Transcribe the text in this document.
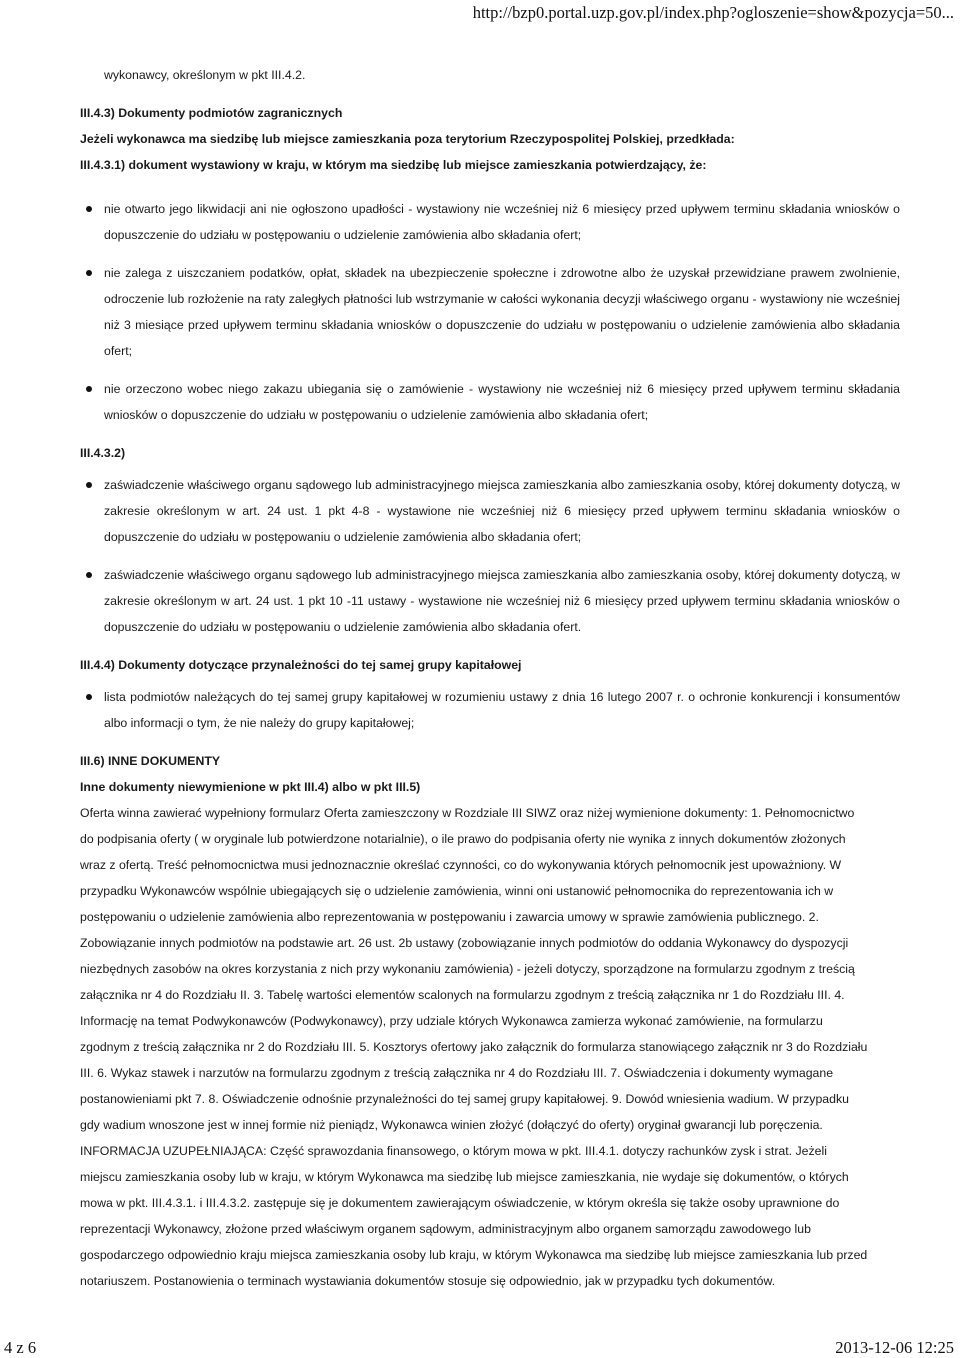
http://bzp0.portal.uzp.gov.pl/index.php?ogloszenie=show&pozycja=50...
wykonawcy, określonym w pkt III.4.2.
III.4.3) Dokumenty podmiotów zagranicznych
Jeżeli wykonawca ma siedzibę lub miejsce zamieszkania poza terytorium Rzeczypospolitej Polskiej, przedkłada:
III.4.3.1) dokument wystawiony w kraju, w którym ma siedzibę lub miejsce zamieszkania potwierdzający, że:
nie otwarto jego likwidacji ani nie ogłoszono upadłości - wystawiony nie wcześniej niż 6 miesięcy przed upływem terminu składania wniosków o dopuszczenie do udziału w postępowaniu o udzielenie zamówienia albo składania ofert;
nie zalega z uiszczaniem podatków, opłat, składek na ubezpieczenie społeczne i zdrowotne albo że uzyskał przewidziane prawem zwolnienie, odroczenie lub rozłożenie na raty zaległych płatności lub wstrzymanie w całości wykonania decyzji właściwego organu - wystawiony nie wcześniej niż 3 miesiące przed upływem terminu składania wniosków o dopuszczenie do udziału w postępowaniu o udzielenie zamówienia albo składania ofert;
nie orzeczono wobec niego zakazu ubiegania się o zamówienie - wystawiony nie wcześniej niż 6 miesięcy przed upływem terminu składania wniosków o dopuszczenie do udziału w postępowaniu o udzielenie zamówienia albo składania ofert;
III.4.3.2)
zaświadczenie właściwego organu sądowego lub administracyjnego miejsca zamieszkania albo zamieszkania osoby, której dokumenty dotyczą, w zakresie określonym w art. 24 ust. 1 pkt 4-8 - wystawione nie wcześniej niż 6 miesięcy przed upływem terminu składania wniosków o dopuszczenie do udziału w postępowaniu o udzielenie zamówienia albo składania ofert;
zaświadczenie właściwego organu sądowego lub administracyjnego miejsca zamieszkania albo zamieszkania osoby, której dokumenty dotyczą, w zakresie określonym w art. 24 ust. 1 pkt 10 -11 ustawy - wystawione nie wcześniej niż 6 miesięcy przed upływem terminu składania wniosków o dopuszczenie do udziału w postępowaniu o udzielenie zamówienia albo składania ofert.
III.4.4) Dokumenty dotyczące przynależności do tej samej grupy kapitałowej
lista podmiotów należących do tej samej grupy kapitałowej w rozumieniu ustawy z dnia 16 lutego 2007 r. o ochronie konkurencji i konsumentów albo informacji o tym, że nie należy do grupy kapitałowej;
III.6) INNE DOKUMENTY
Inne dokumenty niewymienione w pkt III.4) albo w pkt III.5)
Oferta winna zawierać wypełniony formularz Oferta zamieszczony w Rozdziale III SIWZ oraz niżej wymienione dokumenty: 1. Pełnomocnictwo
do podpisania oferty ( w oryginale lub potwierdzone notarialnie), o ile prawo do podpisania oferty nie wynika z innych dokumentów złożonych
wraz z ofertą. Treść pełnomocnictwa musi jednoznacznie określać czynności, co do wykonywania których pełnomocnik jest upoważniony. W
przypadku Wykonawców wspólnie ubiegających się o udzielenie zamówienia, winni oni ustanowić pełnomocnika do reprezentowania ich w
postępowaniu o udzielenie zamówienia albo reprezentowania w postępowaniu i zawarcia umowy w sprawie zamówienia publicznego. 2.
Zobowiązanie innych podmiotów na podstawie art. 26 ust. 2b ustawy (zobowiązanie innych podmiotów do oddania Wykonawcy do dyspozycji
niezbędnych zasobów na okres korzystania z nich przy wykonaniu zamówienia) - jeżeli dotyczy, sporządzone na formularzu zgodnym z treścią
załącznika nr 4 do Rozdziału II. 3. Tabelę wartości elementów scalonych na formularzu zgodnym z treścią załącznika nr 1 do Rozdziału III. 4.
Informację na temat Podwykonawców (Podwykonawcy), przy udziale których Wykonawca zamierza wykonać zamówienie, na formularzu
zgodnym z treścią załącznika nr 2 do Rozdziału III. 5. Kosztorys ofertowy jako załącznik do formularza stanowiącego załącznik nr 3 do Rozdziału
III. 6. Wykaz stawek i narzutów na formularzu zgodnym z treścią załącznika nr 4 do Rozdziału III. 7. Oświadczenia i dokumenty wymagane
postanowieniami pkt 7. 8. Oświadczenie odnośnie przynależności do tej samej grupy kapitałowej. 9. Dowód wniesienia wadium. W przypadku
gdy wadium wnoszone jest w innej formie niż pieniądz, Wykonawca winien złożyć (dołączyć do oferty) oryginał gwarancji lub poręczenia.
INFORMACJA UZUPEŁNIAJĄCA: Część sprawozdania finansowego, o którym mowa w pkt. III.4.1. dotyczy rachunków zysk i strat. Jeżeli
miejscu zamieszkania osoby lub w kraju, w którym Wykonawca ma siedzibę lub miejsce zamieszkania, nie wydaje się dokumentów, o których
mowa w pkt. III.4.3.1. i III.4.3.2. zastępuje się je dokumentem zawierającym oświadczenie, w którym określa się także osoby uprawnione do
reprezentacji Wykonawcy, złożone przed właściwym organem sądowym, administracyjnym albo organem samorządu zawodowego lub
gospodarczego odpowiednio kraju miejsca zamieszkania osoby lub kraju, w którym Wykonawca ma siedzibę lub miejsce zamieszkania lub przed
notariuszem. Postanowienia o terminach wystawiania dokumentów stosuje się odpowiednio, jak w przypadku tych dokumentów.
4 z 6	2013-12-06 12:25
